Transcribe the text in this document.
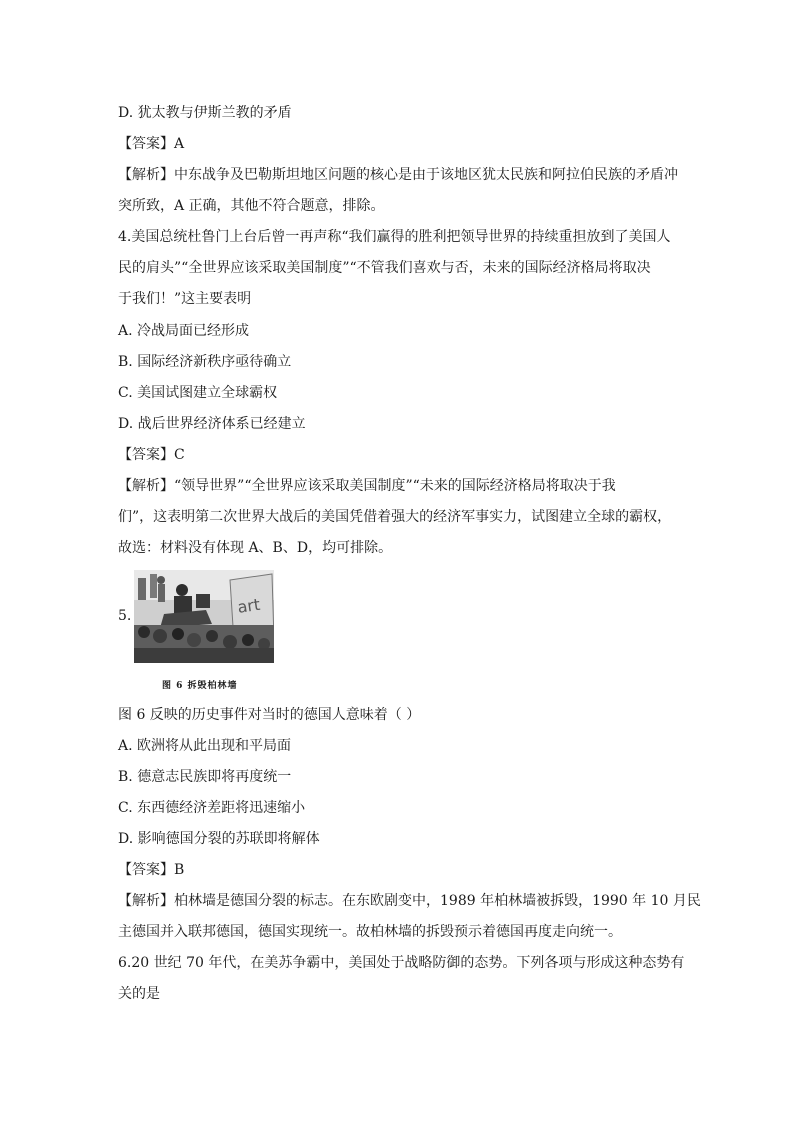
D. 犹太教与伊斯兰教的矛盾
【答案】A
【解析】中东战争及巴勒斯坦地区问题的核心是由于该地区犹太民族和阿拉伯民族的矛盾冲
突所致，A 正确，其他不符合题意，排除。
4.美国总统杜鲁门上台后曾一再声称“我们赢得的胜利把领导世界的持续重担放到了美国人
民的肩头”“全世界应该采取美国制度”“不管我们喜欢与否，未来的国际经济格局将取决
于我们！”这主要表明
A. 冷战局面已经形成
B. 国际经济新秩序亟待确立
C. 美国试图建立全球霸权
D. 战后世界经济体系已经建立
【答案】C
【解析】“领导世界”“全世界应该采取美国制度”“未来的国际经济格局将取决于我
们”，这表明第二次世界大战后的美国凭借着强大的经济军事实力，试图建立全球的霸权，
故选：材料没有体现 A、B、D，均可排除。
5.	art
图 6 拆毁柏林墙
图 6 反映的历史事件对当时的德国人意味着（ ）
A. 欧洲将从此出现和平局面
B. 德意志民族即将再度统一
C. 东西德经济差距将迅速缩小
D. 影响德国分裂的苏联即将解体
【答案】B
【解析】柏林墙是德国分裂的标志。在东欧剧变中，1989 年柏林墙被拆毁，1990 年 10 月民
主德国并入联邦德国，德国实现统一。故柏林墙的拆毁预示着德国再度走向统一。
6.20 世纪 70 年代，在美苏争霸中，美国处于战略防御的态势。下列各项与形成这种态势有
关的是
